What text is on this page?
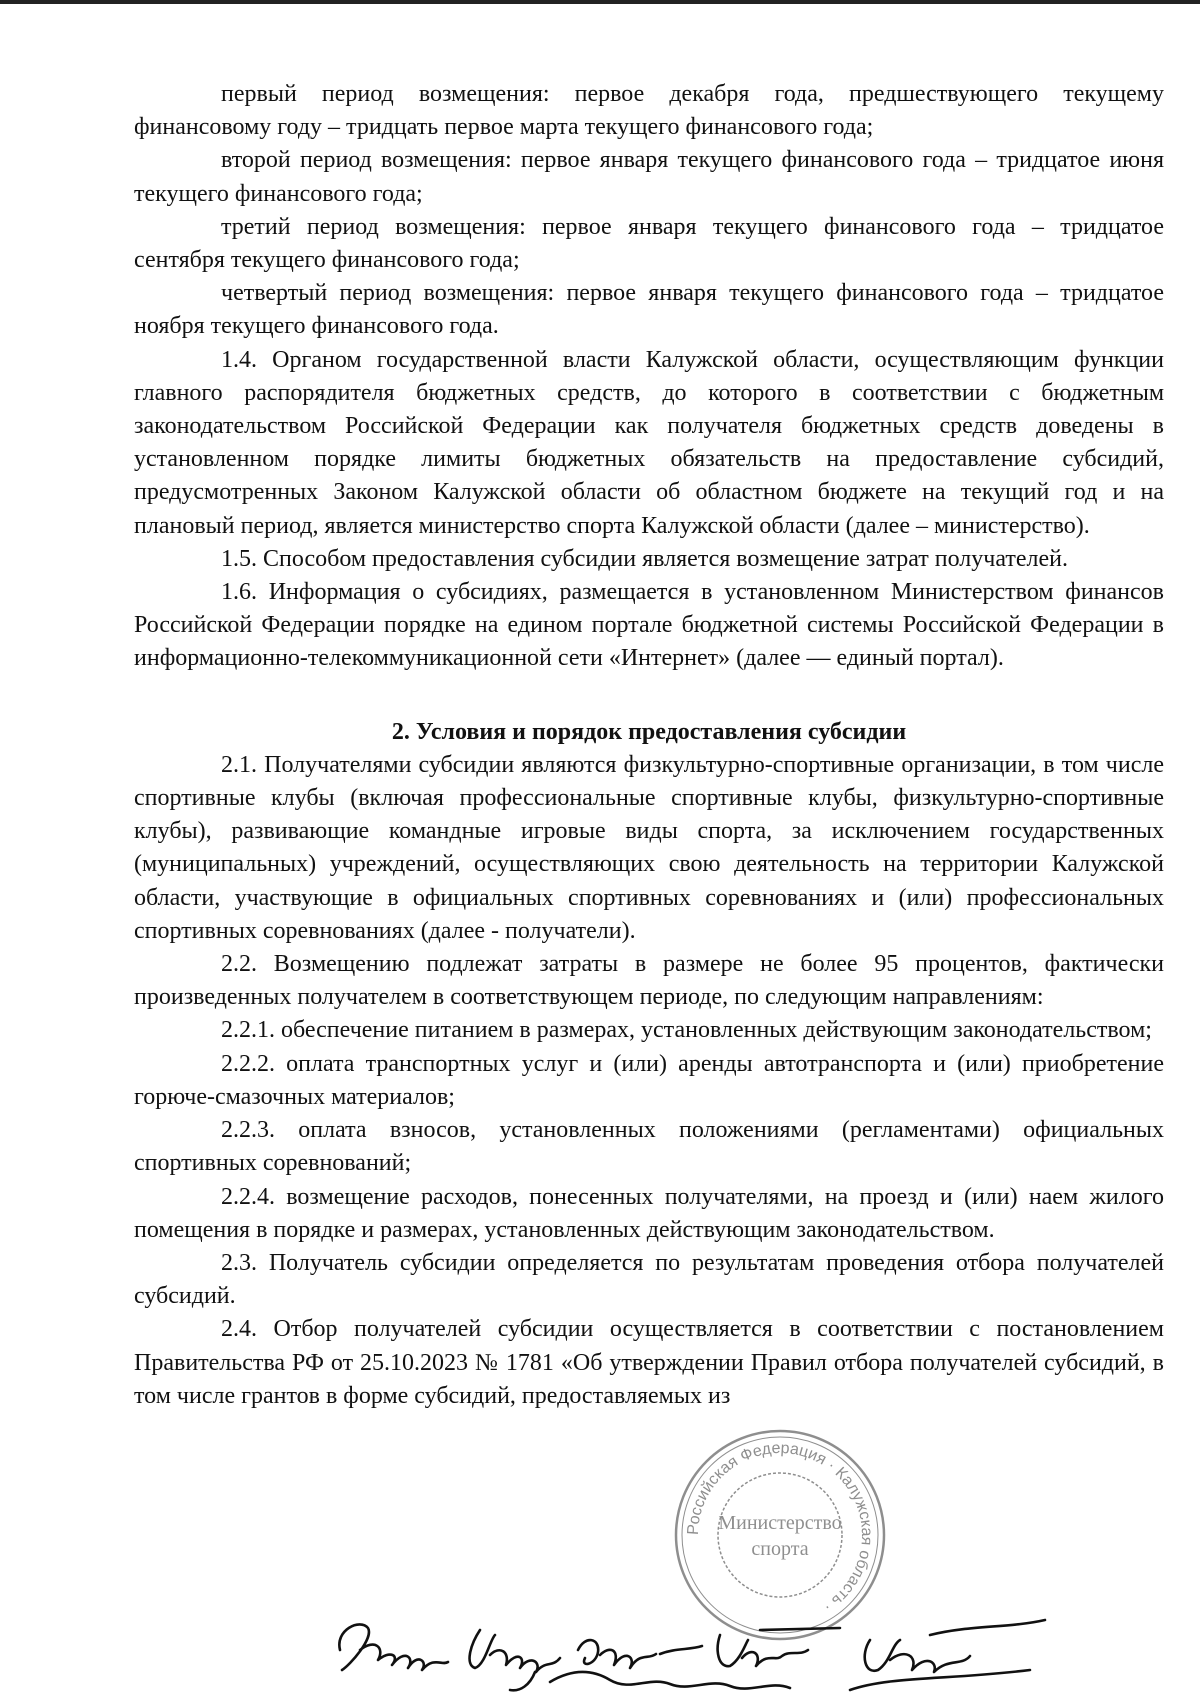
первый период возмещения: первое декабря года, предшествующего текущему финансовому году – тридцать первое марта текущего финансового года;

второй период возмещения: первое января текущего финансового года – тридцатое июня текущего финансового года;

третий период возмещения: первое января текущего финансового года – тридцатое сентября текущего финансового года;

четвертый период возмещения: первое января текущего финансового года – тридцатое ноября текущего финансового года.

1.4. Органом государственной власти Калужской области, осуществляющим функции главного распорядителя бюджетных средств, до которого в соответствии с бюджетным законодательством Российской Федерации как получателя бюджетных средств доведены в установленном порядке лимиты бюджетных обязательств на предоставление субсидий, предусмотренных Законом Калужской области об областном бюджете на текущий год и на плановый период, является министерство спорта Калужской области (далее – министерство).

1.5. Способом предоставления субсидии является возмещение затрат получателей.

1.6. Информация о субсидиях, размещается в установленном Министерством финансов Российской Федерации порядке на едином портале бюджетной системы Российской Федерации в информационно-телекоммуникационной сети «Интернет» (далее — единый портал).

2. Условия и порядок предоставления субсидии

2.1. Получателями субсидии являются физкультурно-спортивные организации, в том числе спортивные клубы (включая профессиональные спортивные клубы, физкультурно-спортивные клубы), развивающие командные игровые виды спорта, за исключением государственных (муниципальных) учреждений, осуществляющих свою деятельность на территории Калужской области, участвующие в официальных спортивных соревнованиях и (или) профессиональных спортивных соревнованиях (далее - получатели).

2.2. Возмещению подлежат затраты в размере не более 95 процентов, фактически произведенных получателем в соответствующем периоде, по следующим направлениям:

2.2.1. обеспечение питанием в размерах, установленных действующим законодательством;

2.2.2. оплата транспортных услуг и (или) аренды автотранспорта и (или) приобретение горюче-смазочных материалов;

2.2.3. оплата взносов, установленных положениями (регламентами) официальных спортивных соревнований;

2.2.4. возмещение расходов, понесенных получателями, на проезд и (или) наем жилого помещения в порядке и размерах, установленных действующим законодательством.

2.3. Получатель субсидии определяется по результатам проведения отбора получателей субсидий.

2.4. Отбор получателей субсидии осуществляется в соответствии с постановлением Правительства РФ от 25.10.2023 № 1781 «Об утверждении Правил отбора получателей субсидий, в том числе грантов в форме субсидий, предоставляемых из

Российская Федерация · Калужская область ·
Министерство
спорта
